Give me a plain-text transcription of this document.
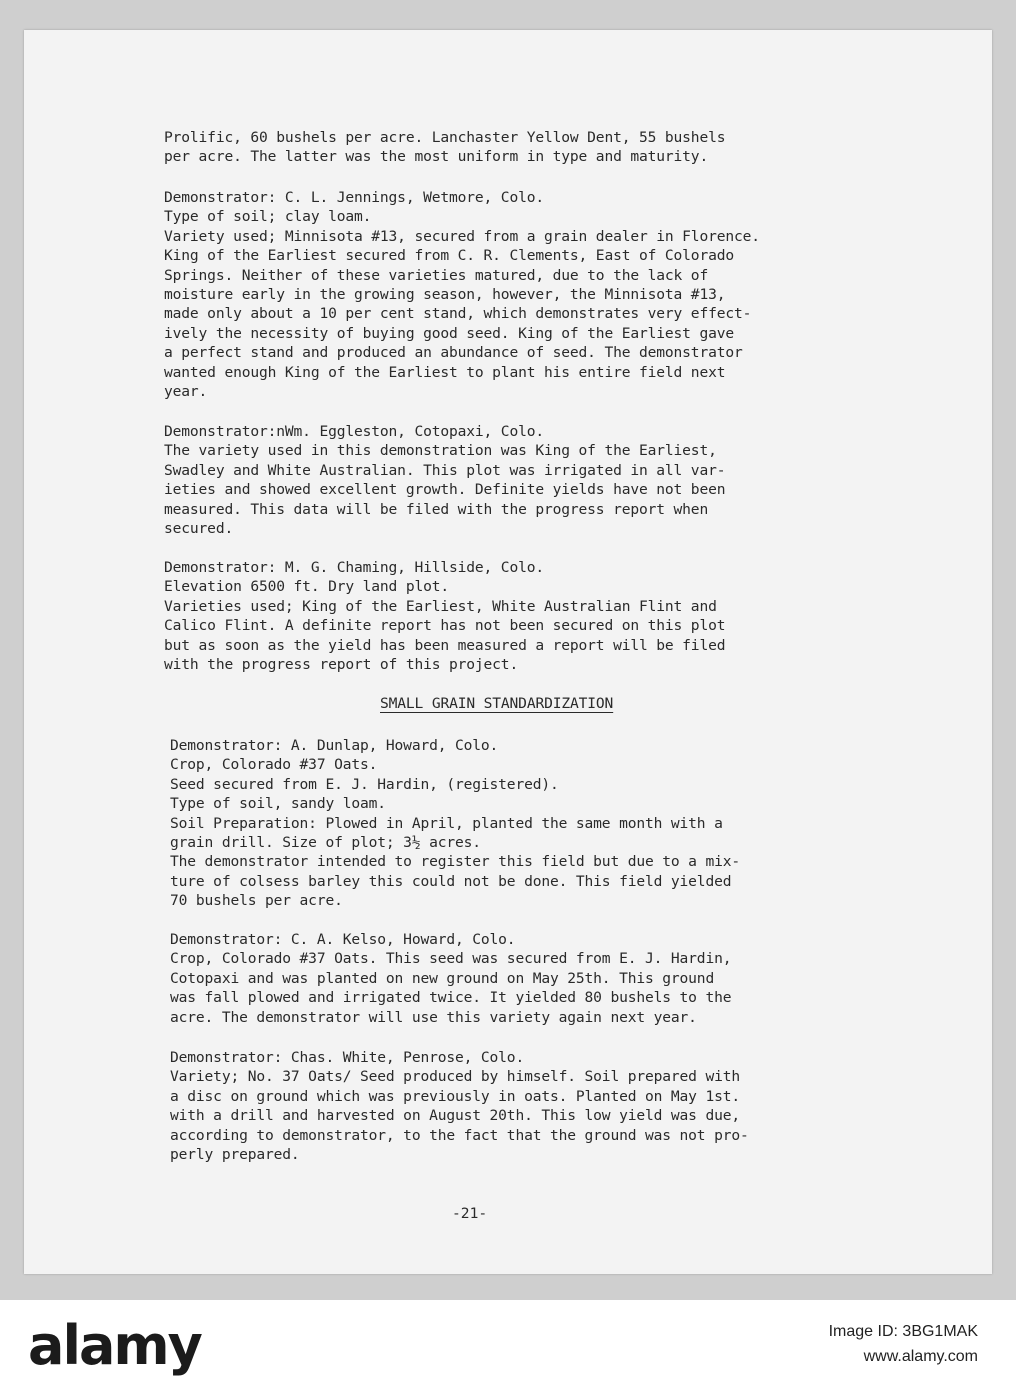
Prolific, 60 bushels per acre. Lanchaster Yellow Dent, 55 bushels
per acre. The latter was the most uniform in type and maturity.
Demonstrator: C. L. Jennings, Wetmore, Colo.
Type of soil; clay loam.
Variety used; Minnisota #13, secured from a grain dealer in Florence.
King of the Earliest secured from C. R. Clements, East of Colorado
Springs. Neither of these varieties matured, due to the lack of
moisture early in the growing season, however, the Minnisota #13,
made only about a 10 per cent stand, which demonstrates very effect-
ively the necessity of buying good seed. King of the Earliest gave
a perfect stand and produced an abundance of seed. The demonstrator
wanted enough King of the Earliest to plant his entire field next
year.
Demonstrator:nWm. Eggleston, Cotopaxi, Colo.
The variety used in this demonstration was King of the Earliest,
Swadley and White Australian. This plot was irrigated in all var-
ieties and showed excellent growth. Definite yields have not been
measured. This data will be filed with the progress report when
secured.
Demonstrator: M. G. Chaming, Hillside, Colo.
Elevation 6500 ft. Dry land plot.
Varieties used; King of the Earliest, White Australian Flint and
Calico Flint. A definite report has not been secured on this plot
but as soon as the yield has been measured a report will be filed
with the progress report of this project.
SMALL GRAIN STANDARDIZATION
Demonstrator: A. Dunlap, Howard, Colo.
Crop, Colorado #37 Oats.
Seed secured from E. J. Hardin, (registered).
Type of soil, sandy loam.
Soil Preparation: Plowed in April, planted the same month with a
grain drill. Size of plot; 3½ acres.
The demonstrator intended to register this field but due to a mix-
ture of colsess barley this could not be done. This field yielded
70 bushels per acre.
Demonstrator: C. A. Kelso, Howard, Colo.
Crop, Colorado #37 Oats. This seed was secured from E. J. Hardin,
Cotopaxi and was planted on new ground on May 25th. This ground
was fall plowed and irrigated twice. It yielded 80 bushels to the
acre. The demonstrator will use this variety again next year.
Demonstrator: Chas. White, Penrose, Colo.
Variety; No. 37 Oats/ Seed produced by himself. Soil prepared with
a disc on ground which was previously in oats. Planted on May 1st.
with a drill and harvested on August 20th. This low yield was due,
according to demonstrator, to the fact that the ground was not pro-
perly prepared.
-21-
alamy	Image ID: 3BG1MAK
www.alamy.com
